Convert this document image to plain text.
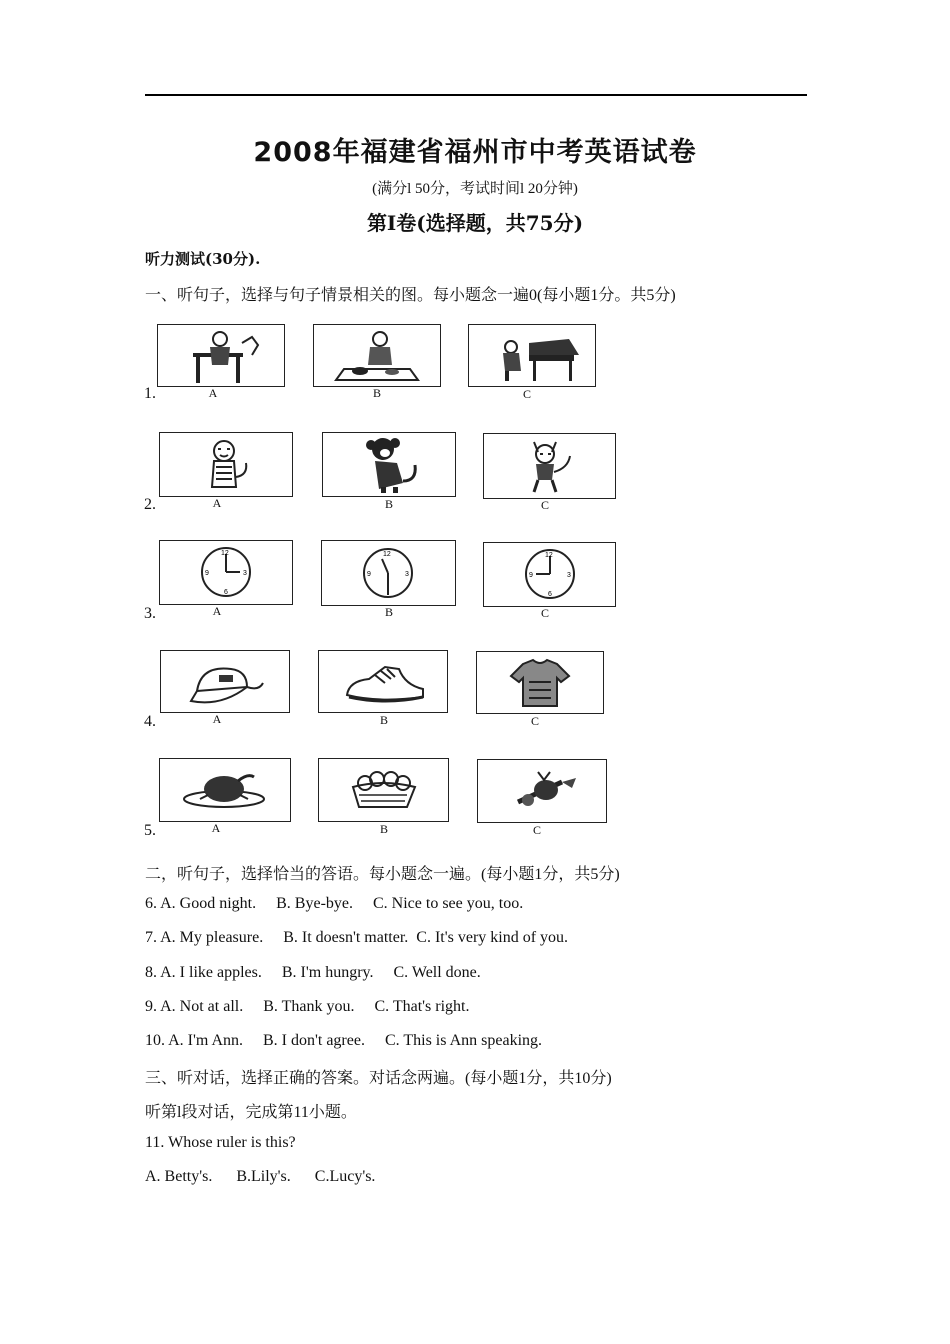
2008年福建省福州市中考英语试卷
(满分l 50分，考试时间l 20分钟)
第Ⅰ卷(选择题，共75分)
听力测试(30分).
一、听句子，选择与句子情景相关的图。每小题念一遍0(每小题1分。共5分)
1.	A	B	C
2.	A	B	C
3.
12
3
6
9
A
12
3
9
B
12
3
6
9
C
4.	A	B	C
5.	A	B	C
二，听句子，选择恰当的答语。每小题念一遍。(每小题1分，共5分)
6. A. Good night.     B. Bye-bye.     C. Nice to see you, too.
7. A. My pleasure.     B. It doesn't matter.  C. It's very kind of you.
8. A. I like apples.     B. I'm hungry.     C. Well done.
9. A. Not at all.     B. Thank you.     C. That's right.
10. A. I'm Ann.     B. I don't agree.     C. This is Ann speaking.
三、听对话，选择正确的答案。对话念两遍。(每小题1分，共10分)
听第l段对话，完成第11小题。
11. Whose ruler is this?
A. Betty's.      B.Lily's.      C.Lucy's.
